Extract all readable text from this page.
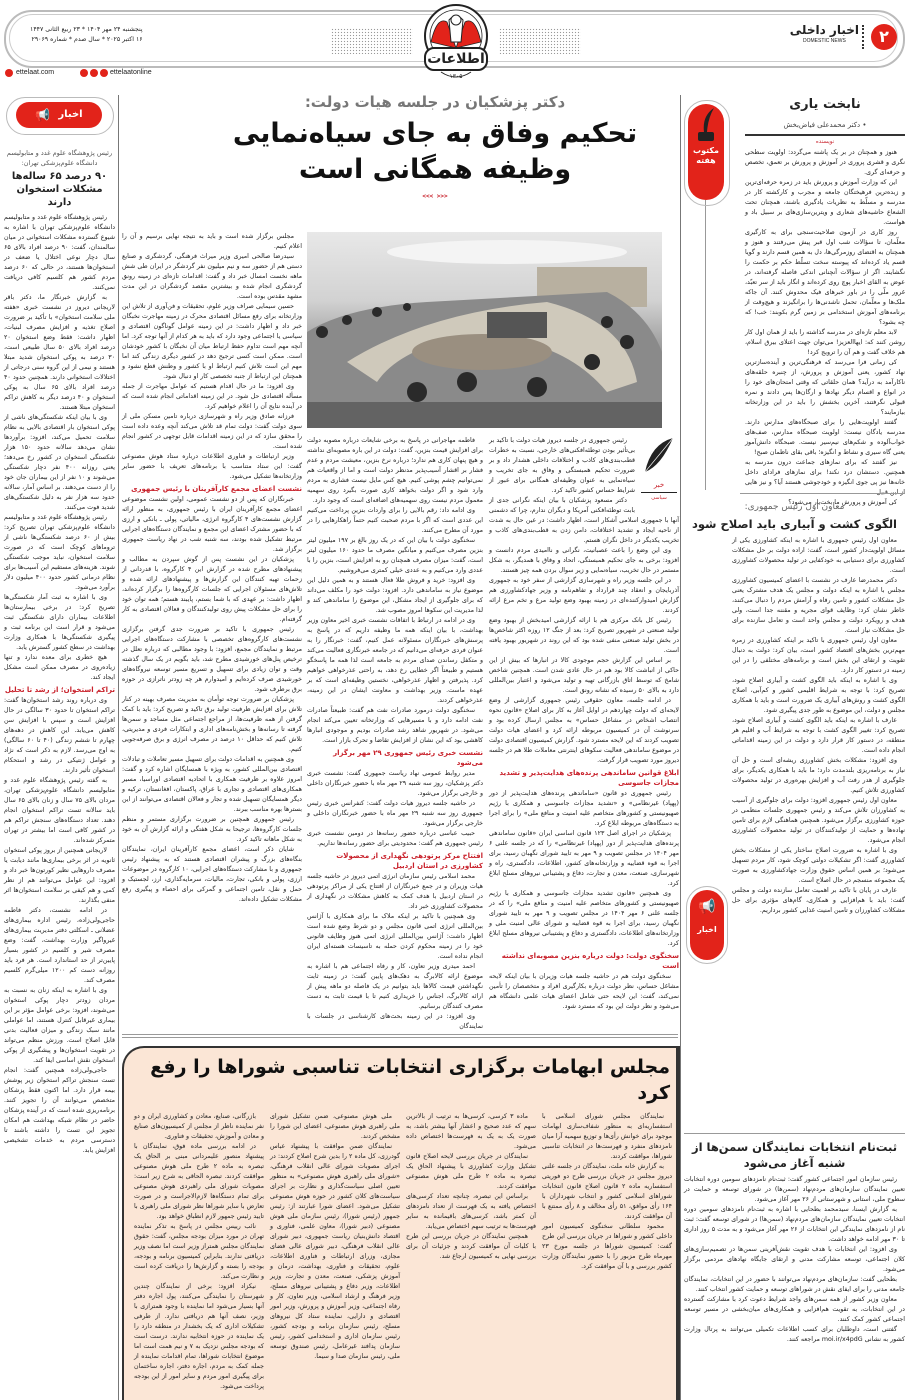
اطلاعات
۱۳۰۵
۲
اخبار داخلی
DOMESTIC NEWS
پنجشنبه ۲۴ مهر ۱۴۰۴ * ۲۳ ربیع الثانی ۱۴۴۷
۱۶ اکتبر ۲۰۲۵ * سال صدم * شماره ۲۹۰۶۹
ettelaat.com	ettelaatonline
اخبار
📢
رئیس پژوهشگاه علوم غدد و متابولیسم دانشگاه علوم‌پزشکی تهران:
۹۰ درصد ۶۵ ساله‌ها مشکلات استخوان دارند

رئیس پژوهشگاه علوم غدد و متابولیسم دانشگاه علوم‌پزشکی تهران با اشاره به شیوع گسترده مشکلات استخوانی در میان سالمندان، گفت: ۹۰ درصد افراد بالای ۶۵ سال دچار نوعی اختلال یا ضعف در استخوان‌ها هستند، در حالی که ۶۰ درصد مردم کشور هم کلسیم کافی دریافت نمی‌کنند.

به گزارش خبرنگار ما، دکتر باقر لاریجانی دیروز در نشست خبری «هفته ملی سلامت استخوان» با تأکید بر ضرورت اصلاح تغذیه و افزایش مصرف لبنیات، اظهار داشت: فقط وضع استخوان ۲۰ درصد افراد بالای ۵۰ سال طبیعی است، ۳۰ درصد به پوکی استخوان شدید مبتلا هستند و نیمی از این گروه سنی درجاتی از اختلالات استخوانی دارند. همچنین حدود ۴۰ درصد افراد بالای ۶۵ سال به پوکی استخوان و ۴۰ درصد دیگر به کاهش تراکم استخوان مبتلا هستند.

وی با بیان اینکه شکستگی‌های ناشی از پوکی استخوان بار اقتصادی بالایی به نظام سلامت تحمیل می‌کند، افزود: برآوردها نشان می‌دهد سالانه حدود ۱۵۰ هزار شکستگی استخوان در کشور رخ می‌دهد؛ یعنی روزانه ۴۰۰ نفر دچار شکستگی می‌شوند و ۱۰ نفر از این بیماران جان خود را از دست می‌دهند. بر اساس آمار، سالانه حدود سه هزار نفر به دلیل شکستگی‌های شدید فوت می‌کنند.

رئیس پژوهشگاه علوم غدد و متابولیسم دانشگاه علوم‌پزشکی تهران تصریح کرد: بیش از ۶۰ درصد شکستگی‌ها ناشی از تروماهای کوچک است که در صورت سلامت استخوان، نباید موجب شکستگی شوند. هزینه‌های مستقیم این آسیب‌ها برای نظام درمانی کشور حدود ۴۰۰ میلیون دلار برآورد می‌شود.

وی با اشاره به ثبت آمار شکستگی‌ها تصریح کرد: در برخی بیمارستان‌ها اطلاعات بیماران دارای شکستگی ثبت می‌شود و قرار است این برنامه ثبت و پیگیری شکستگی‌ها با همکاری وزارت بهداشت در سطح کشور گسترش یابد.

هیچ خطری برای معده ندارد و تنها زیاده‌روی در مصرف ممکن است مشکل ایجاد کند.

تراکم استخوان؛ از رشد تا تحلیل

وی درباره روند رشد استخوان‌ها گفت: تراکم استخوان تا حدود ۳۰ سالگی در حال افزایش است و سپس با افزایش سن کاهش می‌یابد. این کاهش در دهه‌های چهارم تا ششم زندگی (۴۰ تا ۶۰ سالگی) به اوج می‌رسد. لازم به ذکر است که نژاد و عوامل ژنتیکی در رشد و استحکام استخوان تأثیر دارند.

به گفته رئیس پژوهشگاه علوم غدد و متابولیسم دانشگاه علوم‌پزشکی تهران، مردان بالای ۷۵ سال و زنان بالای ۶۵ سال باید سالانه تست تراکم استخوان انجام دهند. تعداد دستگاه‌های سنجش تراکم هم در کشور کافی است اما بیشتر در تهران متمرکز شده‌اند.

لاریجانی همچنین از بروز پوکی استخوان ثانویه در اثر برخی بیماری‌ها مانند دیابت یا مصرف داروهایی نظیر کورتون‌ها خبر داد و افزود: این عوامل می‌توانند هم از نظر کمی و هم کیفی بر سلامت استخوان‌ها اثر منفی بگذارند.

در ادامه نشست، دکتر فاطمه حاجی‌ولی‌زاده، رئیس اداره بیماری‌های عضلانی ـ اسکلتی دفتر مدیریت بیماری‌های غیرواگیر وزارت بهداشت، گفت: وضع مصرف شیر و کلسیم در کشور بسیار پایین‌تر از حد استاندارد است. هر فرد باید روزانه دست کم ۱۲۰۰ میلی‌گرم کلسیم مصرف کند.

وی با اشاره به اینکه زنان به نسبت به مردان زودتر دچار پوکی استخوان می‌شوند، افزود: برخی عوامل مؤثر بر این بیماری غیرقابل کنترل هستند، اما عواملی مانند سبک زندگی و میزان فعالیت بدنی قابل اصلاح است. ورزش منظم می‌تواند در تقویت استخوان‌ها و پیشگیری از پوکی استخوان نقش اساسی ایفا کند.

حاجی‌ولی‌زاده همچنین گفت: انجام تست سنجش تراکم استخوان زیر پوشش بیمه قرار دارد. اما اکنون فقط پزشکان متخصص می‌توانند آن را تجویز کنند. برنامه‌ریزی شده است که در آینده پزشکان حاضر در نظام شبکه بهداشت هم امکان تجویز این تست را داشته باشند تا دسترسی مردم به خدمات تشخیصی افزایش یابد.

دکتر پزشکیان در جلسه هیات دولت:
تحکیم وفاق به جای سیاه‌نمایی
وظیفه همگانی است
<<< >>>

مجلس برگزار شده است و باید به نتیجه نهایی برسیم و آن را اعلام کنیم.

سیدرضا صالحی امیری وزیر میراث فرهنگی، گردشگری و صنایع دستی هم از حضور سه و نیم میلیون نفر گردشگر در ایران طی شش ماهه نخست امسال خبر داد و گفت: اقدامات تازه‌ای در زمینه رونق گردشگری انجام شده و بیشترین مقصد گردشگران در این مدت مشهد مقدس بوده است.

حسین سیمایی صراف وزیر علوم، تحقیقات و فن‌آوری از تلاش این وزارتخانه برای رفع مسائل اقتصادی محرک در زمینه مهاجرت نخبگان خبر داد و اظهار داشت: در این زمینه عوامل گوناگون اقتصادی و سیاسی یا اجتماعی وجود دارد که باید به هر کدام از آنها توجه کرد. اما آنچه مهم است تداوم حفظ ارتباط میان آن نخبگان با کشور خودشان است. ممکن است کسی ترجیح دهد در کشور دیگری زندگی کند اما مهم این است تلاش کنیم ارتباط او با کشور و وطنش قطع نشود و همچنان این ارتباط از جنبه تخصصی کار او دنبال شود.

وی افزود: ما در حال اقدام هستیم که عوامل مهاجرت از جمله مسأله اقتصادی حل شود. در این زمینه اقداماتی انجام شده است که در آینده نتایج آن را اعلام خواهیم کرد.

فرزانه صادق وزیر راه و شهرسازی درباره تامین مسکن ملی از سوی دولت گفت: دولت تمام قد تلاش می‌کند آنچه وعده داده است را محقق سازد که در این زمینه اقدامات قابل توجهی در کشور انجام شده است.

وزیر ارتباطات و فناوری اطلاعات درباره ستاد هوش مصنوعی گفت: این ستاد متناسب با برنامه‌های تعریف با حضور سایر وزارتخانه‌ها تشکیل می‌شود.

نشست اعضای مجمع کارآفرینان با رئیس جمهوری

خبرنگاران که پس از دو نشست عمومی، اولین نشست موضوعی اعضای مجمع کارآفرینان ایران با رئیس جمهوری، به منظور ارائه گزارش نشست‌های ۴ کارگروه انرژی، مالیاتی، پولی ـ بانکی و ارزی که با حضور مشترک اعضای این مجمع و نمایندگان دستگاه‌های اجرایی مرتبط تشکیل شده بودند، سه شنبه شب در نهاد ریاست جمهوری برگزار شد.

پزشکیان در این نشست پس از گوش سپردن به مطالب و پیشنهادهای مطرح شده در گزارش این ۴ کارگروه، با قدردانی از زحمات تهیه کنندگان این گزارش‌ها و پیشنهادهای ارائه شده و تلاش‌های مسئولان اجرایی که جلسات کارگروه‌ها را برگزار کرده‌اند، اظهار داشت: بر عهدی که با شما بستم، پایبند هستم؛ همه توان خود را برای حل مشکلات پیش روی تولیدکنندگان و فعالان اقتصادی به کار گرفته‌ام.

رئیس جمهوری با تاکید بر ضرورت جدی گرفتن برگزاری نشست‌های کارگروه‌های تخصصی با مشارکت دستگاه‌های اجرایی مرتبط و نمایندگان مجمع، افزود: با وجود مطالبی که درباره تعلل در ترخیص پنل‌های خورشیدی مطرح شد، باید بگویم در یک سال گذشته وقت و توان زیادی برای تسهیل و تسریع مسیر توسعه نیروگاه‌های خورشیدی صرف کرده‌ایم و امیدوارم هر چه زودتر ناترازی در حوزه برق برطرف شود.

پزشکیان بر ضرورت توجه توأمان به مدیریت مصرف بهینه در کنار تلاش برای افزایش ظرفیت تولید برق تاکید و تصریح کرد: باید با کمک گرفتن از همه ظرفیت‌ها، از مراجع اجتماعی مثل مساجد و سمن‌ها گرفته تا رسانه‌ها و بخش‌نامه‌های اداری و ابتکارات فردی و مدیریتی، تلاش کنیم که حداقل ۱۰ درصد در مصرف انرژی و برق صرفه‌جویی کنیم.

وی همچنین به اقدامات دولت برای تسهیل مسیر تعاملات و تبادلات اقتصادی بین‌المللی کشور، به ویژه با همسایگان اشاره کرد و گفت: امروز علاوه بر ظرفیت همکاری با اتحادیه اقتصادی اوراسیا، مسیر همکاری‌های اقتصادی و تجاری با عراق، پاکستان، افغانستان، ترکیه و دیگر همسایگان تسهیل شده و تجار و فعالان اقتصادی می‌توانند از این بسترها بهره مناسب ببرند.

رئیس جمهوری همچنین بر ضرورت برگزاری مستمر و منظم جلسات کارگروه‌ها، ترجیحا به شکل هفتگی و ارائه گزارش آن به خود به شکل ماهانه تاکید کرد.

شایان ذکر است، اعضای مجمع کارآفرینان ایران، نمایندگان بنگاه‌های بزرگ و پیشران اقتصادی هستند که به پیشنهاد رئیس جمهوری و با مشارکت دستگاه‌های اجرایی، ۱۰ کارگروه در موضوعات ارزی، پولی و بانکی، تجارت، مالیات، سرمایه‌گذاری، ارز، لجستیک و حمل و نقل، تامین اجتماعی و گمرکی برای احصاء و پیگیری رفع مشکلات تشکیل داده‌اند.

فاطمه مهاجرانی در پاسخ به برخی شایعات درباره مصوبه دولت برای افزایش قیمت بنزین، گفت: دولت در این باره مصوبه‌ای نداشته و هیچ پنهان کاری هم ندارد؛ درباره نرخ بنزین، معیشت مردم و عدم فشار بر اقشار آسیب‌پذیر مدنظر دولت است و اما از واقعیات هم نمی‌توانیم چشم پوشی کنیم. هیچ کس مایل نیست فشاری به مردم وارد شود و اگر دولت بخواهد کاری صورت بگیرد روی سهمیه معمول مردم نیست روی سهمیه‌های اضافه‌ای است که وجود دارد.

وی ادامه داد: رقم بالایی را برای واردات بنزین پرداخت می‌کنیم این عددی است که اگر با مردم صحبت کنیم حتماً راهکارهایی را در مورد آن مطرح می‌کنند.

سخنگوی دولت با بیان این که در یک روز بالغ بر ۱۹۷ میلیون لیتر بنزین مصرف می‌کنیم و میانگین مصرف ما حدود ۱۶۰ میلیون لیتر است، گفت: میزان مصرف همچنان رو به افزایش است، بنزین را با عددی وارد می‌کنیم و به عددی خیلی کمتری می‌فروشیم.

وی افزود: خرید و فروش طلا فعال هستند و به همین دلیل این موضوع نیاز به ساماندهی دارد. افزود: دولت خود را مکلف می‌داند که برای جلوگیری از ایجاد مشکل، این موضوع را ساماندهی کند و لذا مدیریت این سکوها امروز مصوب شد.

وی در ادامه در ارتباط با اتفاقات نشست خبری اخیر معاون وزیر بهداشت، با بیان اینکه همه ما وظیفه داریم که در پاسخ به پرسش‌های خبرنگاران مسئولانه عمل کنیم، گفت: خبرنگار را به عنوان فردی حرفه‌ای می‌دانیم که در جامعه خبرنگاری فعالیت می‌کند و متکفل رساندن صدای مردم به جامعه است لذا همه ما پاسخگو هستیم و طبیعتاً اگر خطایی رخ دهد، به راحتی عذرخواهی خواهیم کرد. پذیرفتن و اظهار عذرخواهی، نخستین وظیفه‌ای است که بر عهده ماست. وزیر بهداشت و معاونت ایشان در این زمینه، عذرخواهی کردند.

سخنگوی دولت درمورد صادرات نفت هم گفت: طبیعتاً صادرات نفت ادامه دارد و با مسیرهایی که وزارتخانه تعیین می‌کند انجام می‌شود. در شهریور شاهد رشد صادرات بودیم و موجودی انبارها کاهشی بود که این نشان از افزایش تقاضا و تحرک بازار است.

نشست خبری رئیس جمهوری ۲۹ مهر برگزار می‌شود

مدیر روابط عمومی نهاد ریاست جمهوری گفت: نشست خبری دکتر پزشکیان، روز سه شنبه ۲۹ مهر ماه با حضور خبرنگاران داخلی و خارجی برگزار می‌شود.

در حاشیه جلسه دیروز هیات دولت گفت: کنفرانس خبری رئیس جمهوری روز سه شنبه ۲۹ مهر ماه با حضور خبرنگاران داخلی و خارجی برگزار می‌شود.

حبیب عباسی درباره حضور رسانه‌ها در دومین نشست خبری رئیس جمهوری هم گفت: محدودیتی برای حضور رسانه‌ها نداریم.

افتتاح مرکز پرتودهی نگهداری از محصولات کشاورزی در استان اردبیل

محمد اسلامی رئیس سازمان انرژی اتمی دیروز در حاشیه جلسه هیات وزیران و در جمع خبرنگاران از افتتاح یکی از مراکز پرتودهی در استان اردبیل با هدف کمک به کاهش مشکلات در نگهداری از محصولات کشاورزی خبر داد.

وی همچنین با تاکید بر اینکه ملاک ما برای همکاری با آژانس بین‌المللی انرژی اتمی قانون مجلس و دو شرط وضع شده است اظهار داشت: آژانس بین‌المللی انرژی اتمی هنوز وظایف قانونی خود را در زمینه محکوم کردن حمله به تاسیسات هسته‌ای ایران انجام نداده است.

احمد میدری وزیر تعاون، کار و رفاه اجتماعی هم با اشاره به موضوع ارائه کالابرگ به دهک‌های پایین گفت: در زمینه ثابت نگهداشتن قیمت کالاها باید بتوانیم در یک فاصله دو ماهه پیش از ارائه کالابرگ، اجناس را خریداری کنیم تا با قیمت ثابت به دست مصرف کنندگان برسانیم.

وی افزود: در این زمینه بحث‌های کارشناسی در جلسات با نمایندگان

خبر
سیاسی

رئیس جمهوری در جلسه دیروز هیات دولت با تاکید بر بی‌تأثیر بودن توطئه‌افکنی‌های خارجی، نسبت به خطرات قطب‌بندی‌های کاذب و اختلافات داخلی هشدار داد و بر ضرورت تحکیم همبستگی و وفاق به جای تخریب و سیاه‌نمایی به عنوان وظیفه‌ای همگانی برای عبور از شرایط حساس کشور تاکید کرد.

دکتر مسعود پزشکیان با بیان اینکه نگرانی جدی از بابت توطئه‌افکنی آمریکا و دیگران ندارم، چرا که دشمنی آنها با جمهوری اسلامی آشکار است، اظهار داشت: در عین حال به شدت از ناحیه ایجاد و تشدید اختلافات، دامن زدن به قطب‌بندی‌های کاذب و تخریب یکدیگر در داخل نگران هستم.

وی این وضع را باعث عصبانیت، نگرانی و ناامیدی مردم دانست و افزود: برخی به جای تحکیم همبستگی، اتحاد و وفاق با همدیگر، به شکل مستمر در حال تخریب، سیاه‌نمایی و زیر سوال بردن همه چیز هستند.

در این جلسه وزیر راه و شهرسازی گزارشی از سفر خود به جمهوری آذربایجان و انعقاد چند قرارداد و تفاهم‌نامه و وزیر جهادکشاورزی هم گزارش امیدوارکننده‌ای در زمینه بهبود وضع تولید مرغ و تخم مرغ ارائه کردند.

رئیس کل بانک مرکزی هم با ارائه گزارشی امیدبخش از بهبود وضع تولید صنعتی در شهریور تصریح کرد: بعد از جنگ ۱۲ روزه اکثر شاخص‌ها در بخش تولید صنعتی منفی شده بود که این روند در شهریور بهبود یافته است.

بر اساس این گزارش حجم موجودی کالا در انبارها که بیش از این حاکی از انباشت کالا بود هم در حال عادی شدن است. همچنین شاخص شامخ که توسط اتاق بازرگانی تهیه و تولید می‌شود و اعتبار بین‌المللی دارد به بالای ۵۰ رسیده که نشانه رونق است.

در ادامه جلسه، معاون حقوقی رئیس جمهوری گزارشی از وضع لایحه‌ای که دولت چهاردهم در اوایل آغاز به کار برای اصلاح «قانون نحوه انتصاب اشخاص در مشاغل حساس» به مجلس ارسال کرده بود و سرنوشت آن در کمیسیون مربوطه ارائه کرد و اعضای هیات دولت تصویب کردند که این لایحه مسترد شود. گزارش کمیسیون اقتصادی دولت در موضوع ساماندهی فعالیت سکوهای اینترنتی معاملات طلا هم در جلسه دیروز مورد تصویب قرار گرفت.

ابلاغ قوانین ساماندهی پرنده‌های هدایت‌پذیر و تشدید مجازات جاسوسی

رئیس جمهوری دو قانون «ساماندهی پرنده‌های هدایت‌پذیر از دور (پهپاد) غیرنظامی» و «تشدید مجازات جاسوسی و همکاری با رژیم صهیونیستی و کشورهای متخاصم علیه امنیت و منافع ملی» را برای اجرا به دستگاه‌های مربوطه ابلاغ کرد.

پزشکیان در اجرای اصل ۱۲۳ قانون اساسی ایران «قانون ساماندهی پرنده‌های هدایت‌پذیر از دور (پهپاد) غیرنظامی» را که در جلسه علنی ۶ مهر ۱۴۰۴ در مجلس تصویب و ۹ مهر به تایید شورای نگهبان رسید، برای اجرا به قوه قضاییه و وزارتخانه‌های کشور، اطلاعات، دادگستری، راه و شهرسازی، صنعت، معدن و تجارت، دفاع و پشتیبانی نیروهای مسلح ابلاغ کرد.

وی همچنین «قانون تشدید مجازات جاسوسی و همکاری با رژیم صهیونیستی و کشورهای متخاصم علیه امنیت و منافع ملی» را که در جلسه علنی ۶ مهر ۱۴۰۴ در مجلس تصویب و ۹ مهر به تایید شورای نگهبان رسید، برای اجرا به قوه قضاییه و شورای عالی امنیت ملی و وزارتخانه‌های اطلاعات، دادگستری و دفاع و پشتیبانی نیروهای مسلح ابلاغ کرد.

سخنگوی دولت: دولت درباره بنزین مصوبه‌ای نداشته است

سخنگوی دولت هم در حاشیه جلسه هیات وزیران با بیان اینکه لایحه مشاغل حساس، نظر دولت درباره بکارگیری افراد و متخصصان را تأمین نمی‌کند، گفت: این لایحه حتی شامل اعضای هیات علمی دانشگاه هم می‌شود و نظر دولت این بود که مسترد شود.

مجلس ابهامات برگزاری انتخابات تناسبی شوراها را رفع کرد

نمایندگان مجلس شورای اسلامی با استفساریه‌ای به منظور شفاف‌سازی ابهامات موجود برای خوانش رأی‌ها و توزیع سهمیه آرا میان نامزدهای منفرد و فهرست‌ها در انتخابات تناسبی شوراها، موافقت کردند.

به گزارش خانه ملت، نمایندگان در جلسه علنی دیروز مجلس در جریان بررسی طرح دو فوریتی استفساریه ماده ۲ قانون اصلاح قانون انتخابات شوراهای اسلامی کشور و انتخاب شهرداران با ۱۶۴ رأی موافق، ۵۱ رأی مخالف و ۸ رأی ممتنع با آن موافقت کردند.

محمود سلطانی سخنگوی کمیسیون امور داخلی کشور و شوراها در جریان بررسی این طرح گفت: کمیسیون شوراها در جلسه مورخ ۲۳ مهرماه طرح مزبور را با حضور نمایندگان وزارت کشور بررسی و با آن موافقت کرد.

ماده ۳ کرسی، کرسی‌ها به ترتیب از بالاترین سهم که عدد صحیح و اعشار آنها بیشتر باشد، به صورت یک به یک به فهرست‌ها اختصاص داده می‌شود.

نمایندگان در جریان بررسی لایحه اصلاح قانون تشکیل وزارت کشاورزی با پیشنهاد الحاق یک تبصره به ماده ۲ طرح ملی هوش مصنوعی موافقت کردند.

براساس این تبصره، چنانچه تعداد کرسی‌های اختصاص یافته به یک فهرست از تعداد نامزدهای آن کمتر باشد، کرسی‌های باقیمانده به سایر فهرست‌ها به ترتیب سهم اختصاص می‌یابد.

همچنین نمایندگان در جریان بررسی این طرح با کلیات آن موافقت کردند و جزئیات آن برای بررسی نهایی به کمیسیون ارجاع شد.

ملی هوش مصنوعی، ضمن تشکیل شورای ملی راهبری هوش مصنوعی، اعضای این شورا را مشخص کردند.

نمایندگان ضمن موافقت با پیشنهاد عباس گودرزی، کل ماده ۲ را بدین شرح اصلاح کردند: در اجرای مصوبات شورای عالی انقلاب فرهنگی، «شورای ملی راهبری هوش مصنوعی» به منظور تعیین اصلی سیاست‌گذاری و نظارت بر اجرای سیاست‌های کلان کشور در حوزه هوش مصنوعی تشکیل می‌شود. اعضای شورا عبارتند از: رئیس جمهور (رئیس شورا)، رئیس سازمان ملی هوش مصنوعی (دبیر شورا)، معاون علمی، فناوری و اقتصاد دانش‌بنیان ریاست جمهوری، دبیر شورای عالی انقلاب فرهنگی، دبیر شورای عالی فضای مجازی، وزرای ارتباطات و فناوری اطلاعات، علوم، تحقیقات و فناوری، بهداشت، درمان و آموزش پزشکی، صنعت، معدن و تجارت، وزیر اطلاعات، وزیر دفاع و پشتیبانی نیروهای مسلح، وزیر فرهنگ و ارشاد اسلامی، وزیر تعاون، کار و رفاه اجتماعی، وزیر آموزش و پرورش، وزیر امور اقتصادی و دارایی، نماینده ستاد کل نیروهای مسلح، رئیس سازمان برنامه و بودجه کشور، رئیس سازمان اداری و استخدامی کشور، رئیس سازمان پدافند غیرعامل، رئیس صندوق توسعه ملی، رئیس سازمان صدا و سیما.

بازرگانی، صنایع، معادن و کشاورزی ایران و دو نفر نماینده ناظر از مجلس از کمیسیون‌های صنایع و معادن و آموزش، تحقیقات و فناوری.

در ادامه بررسی ماده فوق، نمایندگان با پیشنهاد منصور علیمردانی مبنی بر الحاق یک تبصره به ماده ۲ طرح ملی هوش مصنوعی موافقت کردند. تبصره الحاقی به شرح زیر است: مصوبات شورای ملی راهبردی هوش مصنوعی برای تمام دستگاه‌ها لازم‌الاجراست و در صورت تعارض با سایر شوراها نظر شورای ملی راهبری با تایید رئیس جمهور لازم انطباق خواهد بود.

نائب رییس مجلس در پاسخ به تذکر نماینده تهران در مورد میزان بودجه مجلس، گفت: حقوق نمایندگان مجلس همتراز وزیر است اما نصف وزیر دریافتی ندارند. بنابراین کمیسیون برنامه و بودجه، بودجه را بسته و گزارش‌ها را دریافت کرده است و نظارت می‌کند.

نیکزاد افزود: برخی از نمایندگان چندین شهرستان را نمایندگی می‌کنند، پول اجاره دفتر آنها بسیار می‌شود اما نماینده با وجود همترازی با وزیر، نصف آنها هم دریافتی ندارد. از طرفی تشکیلات اداری که یک بخشدار در منطقه دارد را یک نماینده در حوزه انتخابیه ندارند. درست است که بودجه مجلس نزدیک به ۷ و نیم همت است اما موضوع انتخابات شوراها، تمام اقدامات نماینده از جمله کمک به مردم، اجاره دفتر، اجاره ساختمان برای پیگیری امور مردم و سایر امور از این بودجه پرداخت می‌شود.

مکتوب
هفته
نابخت یاری
• دکتر محمدعلی فیاض‌بخش
نویسنده

هنوز و همچنان در بر یک پاشنه می‌گردد: اولویت سطحی نگری و قشری پروری در آموزش و پرورش بر تعمق، تخصص و حرفه‌ای گری.

این که وزارت آموزش و پرورش باید در زمره حرفه‌ای‌ترین و زبده‌ترین فرهیختگان جامعه و مجرب و کارکشته کار در مدرسه و مسلّط به نظریات یادگیری باشند، همچنان تحت الشعاع حاشیه‌های شعاری و ویترین‌سازی‌های بر سبیل باد و هواست.

روز کاری در آزمون صلاحیت‌سنجی برای به کارگیری معلّمان، تا سؤالات شب اول قبر پیش می‌رفتند و هنوز و همچنان به اقتضای روزمرگی‌ها، دل به همین قسم دارند و گویا قسم یاد کرده‌اند که پیوسته سخت تسلّط حکم بر حکمت را نگشایند. اگر از سؤالات آنچنانی اندکی فاصله گرفته‌اند، در عوض به القای اخبار پوچ روی کرده‌اند و انگار باید از سر تعبّد، غرور ملّی را در باور خبرهای فیک محدوش کنند. آن جاکه ملک‌ها و معلّمان، تحمل ناشدنی‌ها را برانگیزند و هیچ‌وقت از برنامه‌های آموزش استخدامی بر زمین گرم بکوبند: خب! که چه بشود؟

لابد معلم تازه‌ای در مدرسه گذاشته را باید از همان اول کار روشن کنند که: ایهاالعزیز! می‌توان جهت اعتلای بیرق اسلام، هم خلاف گفت و هم آن را ترویج کرد!

کی زمانی فرا می‌رسد که فرهنگی‌ترین و آینده‌سازترین نهاد کشور، یعنی آموزش و پرورش، از چنبره حلقه‌های ناکارآمد به درآید؟ همان حلقاتی که وقتی امتحان‌های خود را در انواع و اقسام دیگر نهادها و ارگان‌ها پس دادند و نمره قبولی نگرفتند، آخرین بخشش را باید در این وزارتخانه بیازمایند؟

گفتند اولویت‌هایی را برای صبحگاه‌های مدارس دارند. مدرسه یادگان نیست: اولویت صبحگاه مدارس، صف‌های خواب‌آلوده و شکم‌های نیم‌سیر نیست. صبحگاه دانش‌آموز یعنی گاه سیری و نشاط و انگیزه؛ باقی بقای ناظمان صبح!

نیز گفتند که برای نمازهای جماعت درون مدرسه به همچنین. دستشان درد نکند! برای نمازهای فرادای داخل خانه‌ها نیز پی جوی انگیزه و خودجوشی هستند آیا؟ و نیز هایی

کی آموزش و پرورش ما بخت‌یار می‌شود؟

معاون اول رئیس جمهوری:
الگوی کشت و آبیاری باید اصلاح شود
📢
اخبار

معاون اول رئیس جمهوری با اشاره به اینکه کشاورزی یکی از مسائل اولویت‌دار کشور است، گفت: اراده دولت بر حل مشکلات کشاورزی برای دستیابی به خودکفایی در تولید محصولات کشاورزی است.

دکتر محمدرضا عارف در نشست با اعضای کمیسیون کشاورزی مجلس با اشاره به اینکه دولت و مجلس یک هدف مشترک یعنی حل مشکلات کشور و تامین رفاه و آرامش مردم را دنبال می‌کنند، خاطر نشان کرد: وظایف قوای مجریه و مقننه جدا است، ولی هدف و رویکرد دولت و مجلس واحد است و تعامل سازنده برای حل مشکلات نیاز است.

معاون اول رئیس جمهوری با تاکید بر اینکه کشاورزی در زمره مهم‌ترین بخش‌های اقتصاد کشور است، بیان کرد: دولت به دنبال تقویت و ارتقای این بخش است و برنامه‌های مختلفی را در این زمینه در دستور کار دارد.

وی با اشاره به اینکه باید الگوی کشت و آبیاری اصلاح شود، تصریح کرد: با توجه به شرایط اقلیمی کشور و کم‌آبی، اصلاح الگوی کشت و روش‌های آبیاری یک ضرورت است و باید با همکاری مجلس و دولت، این موضوع به طور جدی پیگیری شود.

عارف با اشاره به اینکه باید الگوی کشت و آبیاری اصلاح شود، تصریح کرد: تغییر الگوی کشت با توجه به شرایط آب و اقلیم هر منطقه، در دستور کار قرار دارد و دولت در این زمینه اقداماتی انجام داده است.

وی افزود: مشکلات بخش کشاورزی ریشه‌ای است و حل آن نیاز به برنامه‌ریزی بلندمدت دارد؛ ما باید با همکاری یکدیگر، برای جلوگیری از هدر رفت آب و افزایش بهره‌وری در تولید محصولات کشاورزی تلاش کنیم.

معاون اول رئیس جمهوری افزود: دولت برای جلوگیری از آسیب به کشاورزان تلاش می‌کند و رئیس جمهوری جلسات منظمی در حوزه کشاورزی برگزار می‌شود. همچنین هماهنگی لازم برای تامین نهاده‌ها و حمایت از تولیدکنندگان در تولید محصولات کشاورزی انجام می‌شود.

وی با اشاره به ضرورت اصلاح ساختار یکی از مشکلات بخش کشاورزی گفت: اگر تشکیلات دولتی کوچک شود، کار مردم تسهیل می‌شود؛ بر همین اساس حقوق وزارت جهادکشاورزی به صورت یک مجموعه منسجم در حال اصلاح است.

عارف در پایان با تاکید بر اهمیت تعامل سازنده دولت و مجلس گفت: باید با هم‌افزایی و همکاری، گام‌های مؤثری برای حل مشکلات کشاورزان و تامین امنیت غذایی کشور برداریم.

ثبت‌نام انتخابات نمایندگان سمن‌ها از شنبه آغاز می‌شود

رئیس سازمان امور اجتماعی کشور گفت: ثبت‌نام نامزدهای سومین دوره انتخابات تعیین نمایندگان سازمان‌های مردم‌نهاد (سمن‌ها) در شورای توسعه و حمایت در سطوح ملی، استانی و شهرستانی از ۲۶ مهر آغاز می‌شود.

به گزارش ایسنا، سیدمحمد بطحایی با اشاره به ثبت‌نام نامزدهای سومین دوره انتخابات تعیین نمایندگان سازمان‌های مردم‌نهاد (سمن‌ها) در شورای توسعه گفت: ثبت نام از نامزدهای نمایندگی این انتخابات از ۲۶ مهر آغاز می‌شود و به مدت ۵ روز اداری تا ۳۰ مهر ادامه خواهد داشت.

وی افزود: این انتخابات با هدف تقویت نقش‌آفرینی سمن‌ها در تصمیم‌سازی‌های کلان اجتماعی، توسعه مشارکت مدنی و ارتقای جایگاه نهادهای مردمی برگزار می‌شود.

بطحایی گفت: سازمان‌های مردم‌نهاد می‌توانند با حضور در این انتخابات، نمایندگان جامعه مدنی را برای ایفای نقش در شوراهای توسعه و حمایت کشور انتخاب کنند.

معاون وزیر کشور از همه سمن‌های واجد شرایط دعوت کرد با مشارکت گسترده در این انتخابات، به تقویت هم‌افزایی و همکاری‌های میان‌بخشی در مسیر توسعه اجتماعی کشور کمک کنند.

گفتنی است، داوطلبان برای کسب اطلاعات تکمیلی می‌توانند به پرتال وزارت کشور به نشانی moi.ir/x4pdG مراجعه کنند.
